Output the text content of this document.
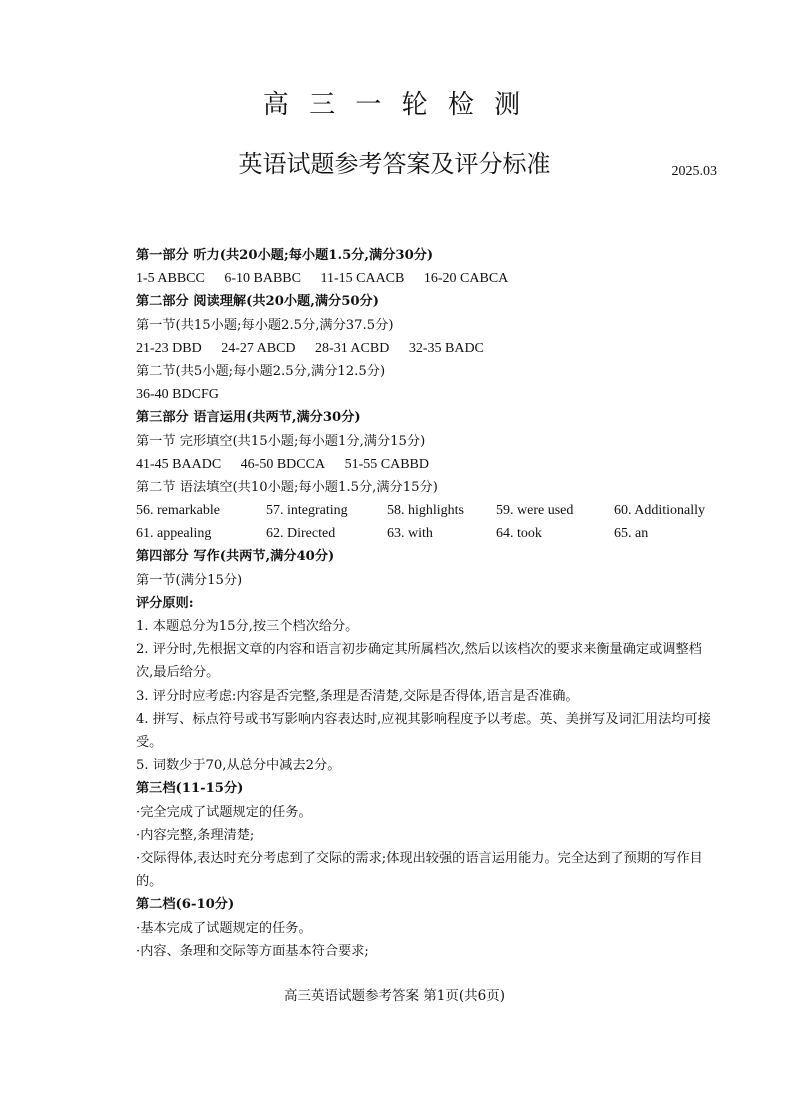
高 三 一 轮 检 测
英语试题参考答案及评分标准	2025.03
第一部分 听力(共20小题;每小题1.5分,满分30分)
1-5 ABBCC 6-10 BABBC 11-15 CAACB 16-20 CABCA
第二部分 阅读理解(共20小题,满分50分)
第一节(共15小题;每小题2.5分,满分37.5分)
21-23 DBD 24-27 ABCD 28-31 ACBD 32-35 BADC
第二节(共5小题;每小题2.5分,满分12.5分)
36-40 BDCFG
第三部分 语言运用(共两节,满分30分)
第一节 完形填空(共15小题;每小题1分,满分15分)
41-45 BAADC 46-50 BDCCA 51-55 CABBD
第二节 语法填空(共10小题;每小题1.5分,满分15分)
56. remarkable	57. integrating	58. highlights	59. were used	60. Additionally
61. appealing	62. Directed	63. with	64. took	65. an
第四部分 写作(共两节,满分40分)
第一节(满分15分)
评分原则:
1. 本题总分为15分,按三个档次给分。
2. 评分时,先根据文章的内容和语言初步确定其所属档次,然后以该档次的要求来衡量确定或调整档次,最后给分。
3. 评分时应考虑:内容是否完整,条理是否清楚,交际是否得体,语言是否准确。
4. 拼写、标点符号或书写影响内容表达时,应视其影响程度予以考虑。英、美拼写及词汇用法均可接受。
5. 词数少于70,从总分中减去2分。
第三档(11-15分)
·完全完成了试题规定的任务。
·内容完整,条理清楚;
·交际得体,表达时充分考虑到了交际的需求;体现出较强的语言运用能力。完全达到了预期的写作目的。
第二档(6-10分)
·基本完成了试题规定的任务。
·内容、条理和交际等方面基本符合要求;
高三英语试题参考答案 第1页(共6页)
